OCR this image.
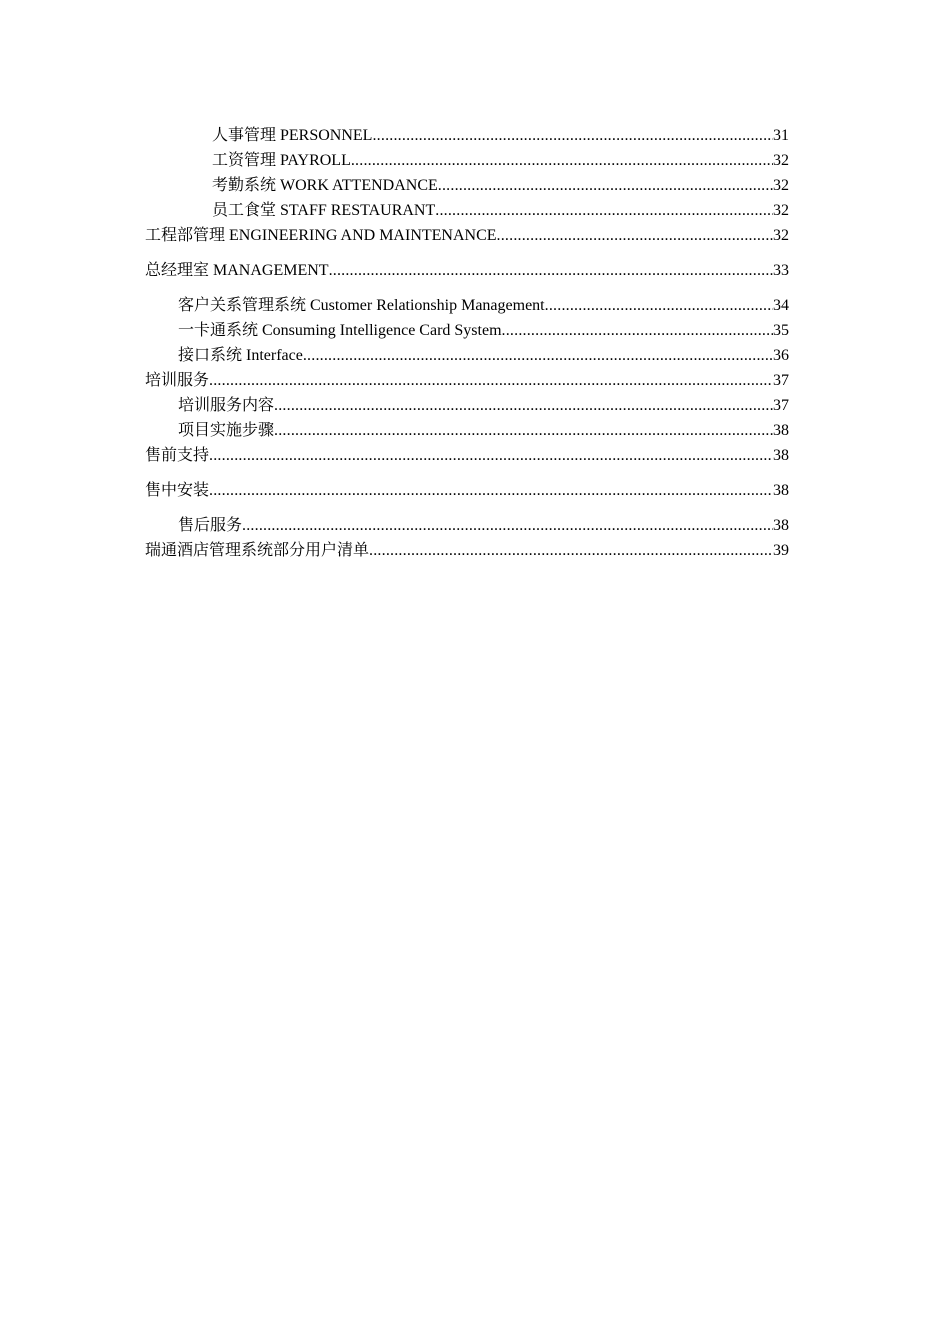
人事管理 PERSONNEL .....	31
工资管理 PAYROLL .....	32
考勤系统 WORK ATTENDANCE .....	32
员工食堂 STAFF RESTAURANT .....	32
工程部管理 ENGINEERING AND MAINTENANCE .....	32
总经理室 MANAGEMENT .....	33
客户关系管理系统 Customer Relationship Management .....	34
一卡通系统 Consuming Intelligence Card System .....	35
接口系统 Interface .....	36
培训服务 .....	37
培训服务内容 .....	37
项目实施步骤 .....	38
售前支持 .....	38
售中安装 .....	38
售后服务 .....	38
瑞通酒店管理系统部分用户清单 .....	39
